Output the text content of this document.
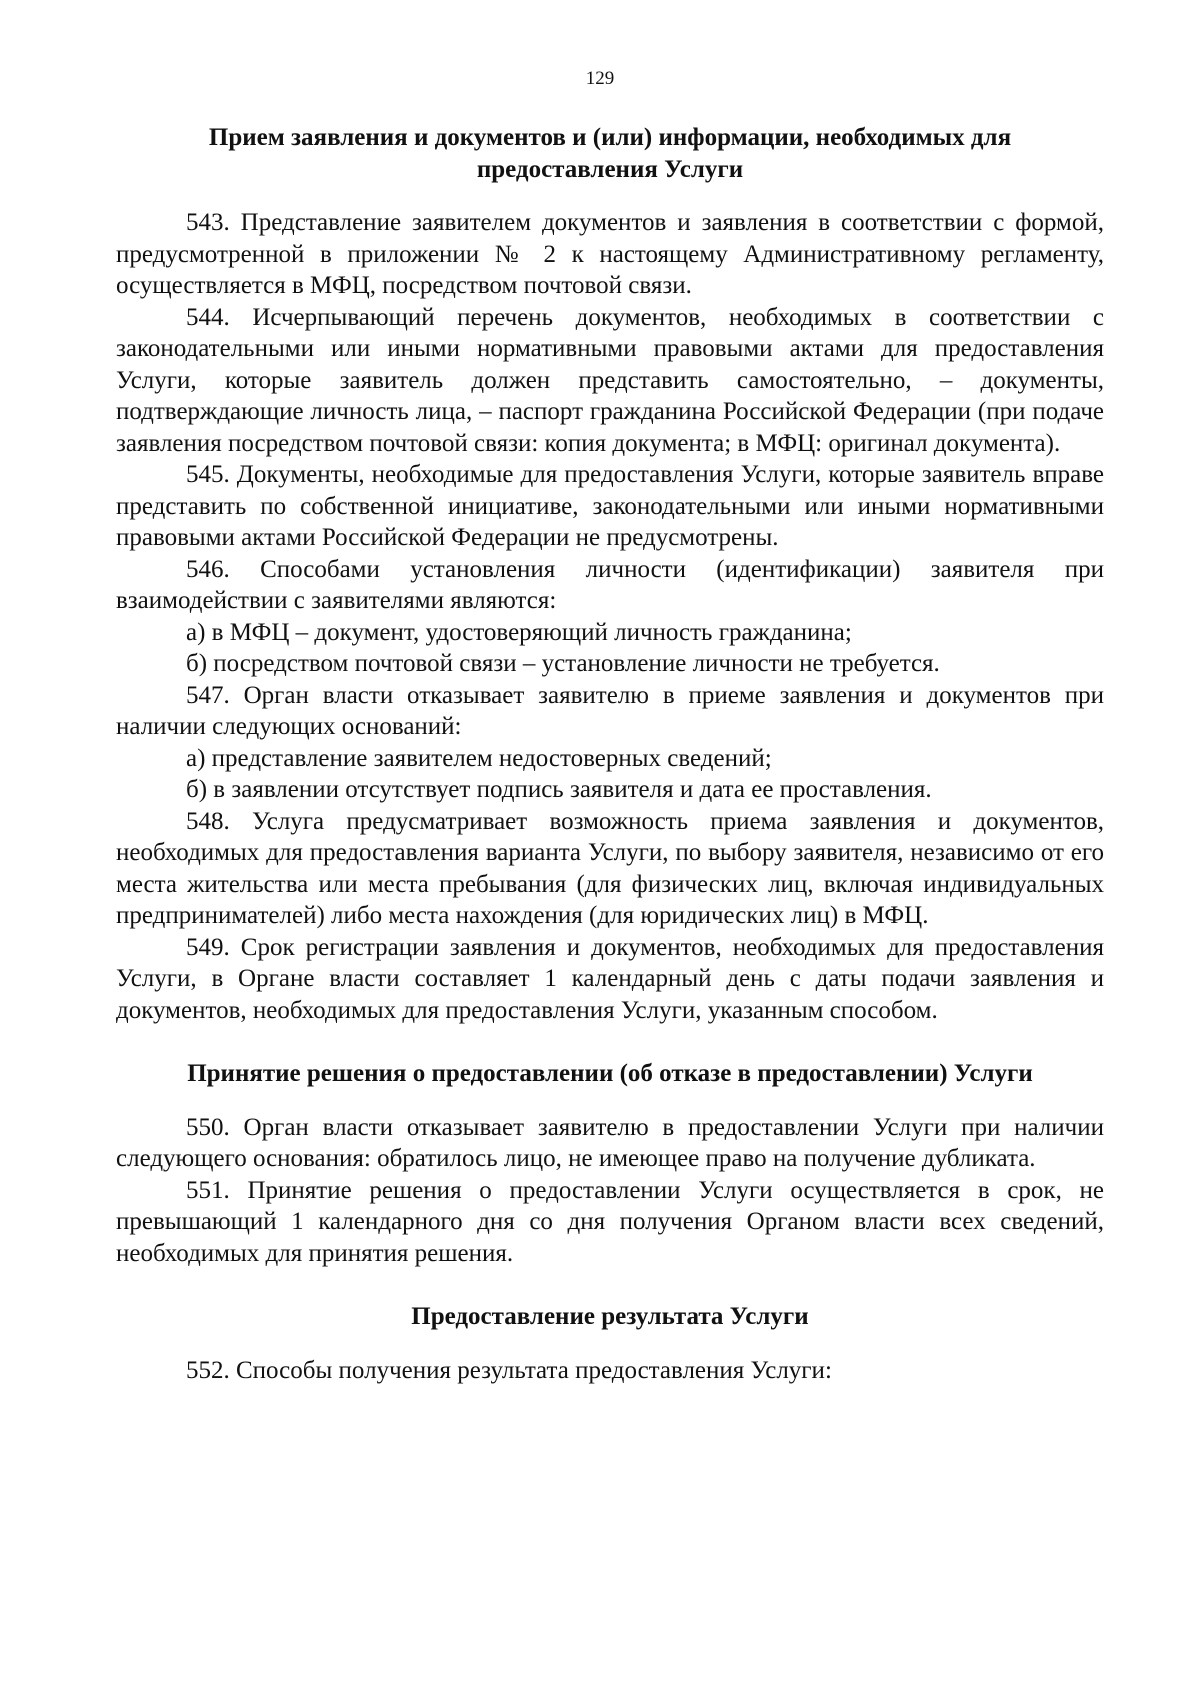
129
Прием заявления и документов и (или) информации, необходимых для предоставления Услуги

543. Представление заявителем документов и заявления в соответствии с формой, предусмотренной в приложении № 2 к настоящему Административному регламенту, осуществляется в МФЦ, посредством почтовой связи.

544. Исчерпывающий перечень документов, необходимых в соответствии с законодательными или иными нормативными правовыми актами для предоставления Услуги, которые заявитель должен представить самостоятельно, – документы, подтверждающие личность лица, – паспорт гражданина Российской Федерации (при подаче заявления посредством почтовой связи: копия документа; в МФЦ: оригинал документа).

545. Документы, необходимые для предоставления Услуги, которые заявитель вправе представить по собственной инициативе, законодательными или иными нормативными правовыми актами Российской Федерации не предусмотрены.

546. Способами установления личности (идентификации) заявителя при взаимодействии с заявителями являются:

а) в МФЦ – документ, удостоверяющий личность гражданина;

б) посредством почтовой связи – установление личности не требуется.

547. Орган власти отказывает заявителю в приеме заявления и документов при наличии следующих оснований:

а) представление заявителем недостоверных сведений;

б) в заявлении отсутствует подпись заявителя и дата ее проставления.

548. Услуга предусматривает возможность приема заявления и документов, необходимых для предоставления варианта Услуги, по выбору заявителя, независимо от его места жительства или места пребывания (для физических лиц, включая индивидуальных предпринимателей) либо места нахождения (для юридических лиц) в МФЦ.

549. Срок регистрации заявления и документов, необходимых для предоставления Услуги, в Органе власти составляет 1 календарный день с даты подачи заявления и документов, необходимых для предоставления Услуги, указанным способом.

Принятие решения о предоставлении (об отказе в предоставлении) Услуги

550. Орган власти отказывает заявителю в предоставлении Услуги при наличии следующего основания: обратилось лицо, не имеющее право на получение дубликата.

551. Принятие решения о предоставлении Услуги осуществляется в срок, не превышающий 1 календарного дня со дня получения Органом власти всех сведений, необходимых для принятия решения.

Предоставление результата Услуги

552. Способы получения результата предоставления Услуги:
